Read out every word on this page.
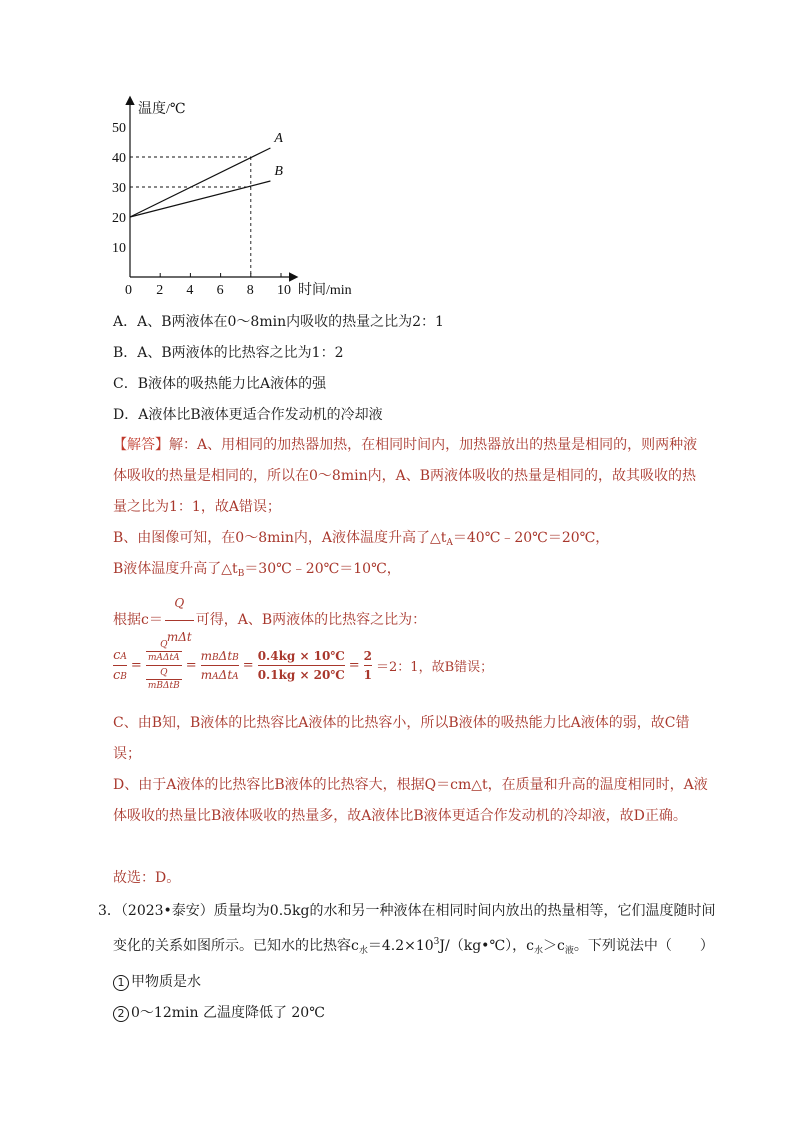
2 4 6 8 10
10
20
30
40
50
A
B
温度/℃
时间/min
0
A．A、B两液体在0～8min内吸收的热量之比为2：1
B．A、B两液体的比热容之比为1：2
C．B液体的吸热能力比A液体的强
D．A液体比B液体更适合作发动机的冷却液
【解答】解：A、用相同的加热器加热，在相同时间内，加热器放出的热量是相同的，则两种液体吸收的热量是相同的，所以在0～8min内，A、B两液体吸收的热量是相同的，故其吸收的热量之比为1：1，故A错误；
B、由图像可知，在0～8min内，A液体温度升高了$\triangle t_A=40℃﹣20℃=20℃$，
B液体温度升高了$\triangle t_B=30℃﹣20℃=10℃$，
根据$c= \frac{Q}{\text{mΔt}}$ 可得，A、B两液体的比热容之比为：
$\frac{cA}{cB}$ =
$\frac{Q}{\text{mAΔtA}}$
$\frac{Q}{\text{mBΔtB}}$
=
mBΔtB
mAΔtA
= $\frac{0.4kg \times 10℃}{0.1kg \times 20℃} = \frac{2}{1} =2$：1，故B错误；
C、由B知，B液体的比热容比A液体的比热容小，所以B液体的吸热能力比A液体的弱，故C错误；
D、由于A液体的比热容比B液体的比热容大，根据Q＝cm△t，在质量和升高的温度相同时，A液体吸收的热量比B液体吸收的热量多，故A液体比B液体更适合作发动机的冷却液，故D正确。
故选：D。
3．（2023•泰安）质量均为0.5kg的水和另一种液体在相同时间内放出的热量相等，它们温度随时间
变化的关系如图所示。已知水的比热容$c_水=4.2\times 10^3J/(kg•℃)$，$c_水>c_液$。下列说法中（　　）
1 甲物质是水
2 0～12min 乙温度降低了 20℃
